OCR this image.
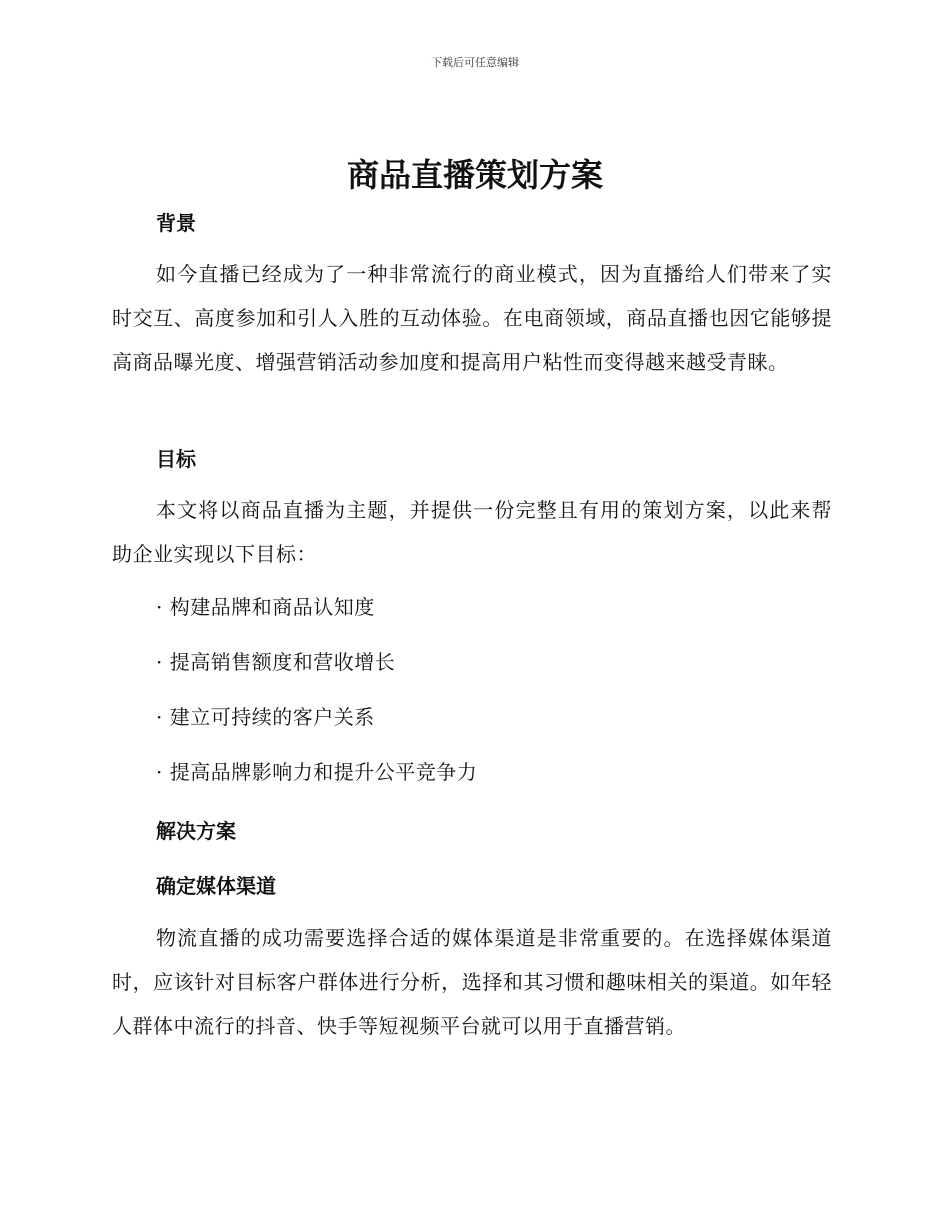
下载后可任意编辑
商品直播策划方案
背景
如今直播已经成为了一种非常流行的商业模式，因为直播给人们带来了实时交互、高度参加和引人入胜的互动体验。在电商领域，商品直播也因它能够提高商品曝光度、增强营销活动参加度和提高用户粘性而变得越来越受青睐。
目标
本文将以商品直播为主题，并提供一份完整且有用的策划方案，以此来帮助企业实现以下目标：
· 构建品牌和商品认知度
· 提高销售额度和营收增长
· 建立可持续的客户关系
· 提高品牌影响力和提升公平竞争力
解决方案
确定媒体渠道
物流直播的成功需要选择合适的媒体渠道是非常重要的。在选择媒体渠道时，应该针对目标客户群体进行分析，选择和其习惯和趣味相关的渠道。如年轻人群体中流行的抖音、快手等短视频平台就可以用于直播营销。
